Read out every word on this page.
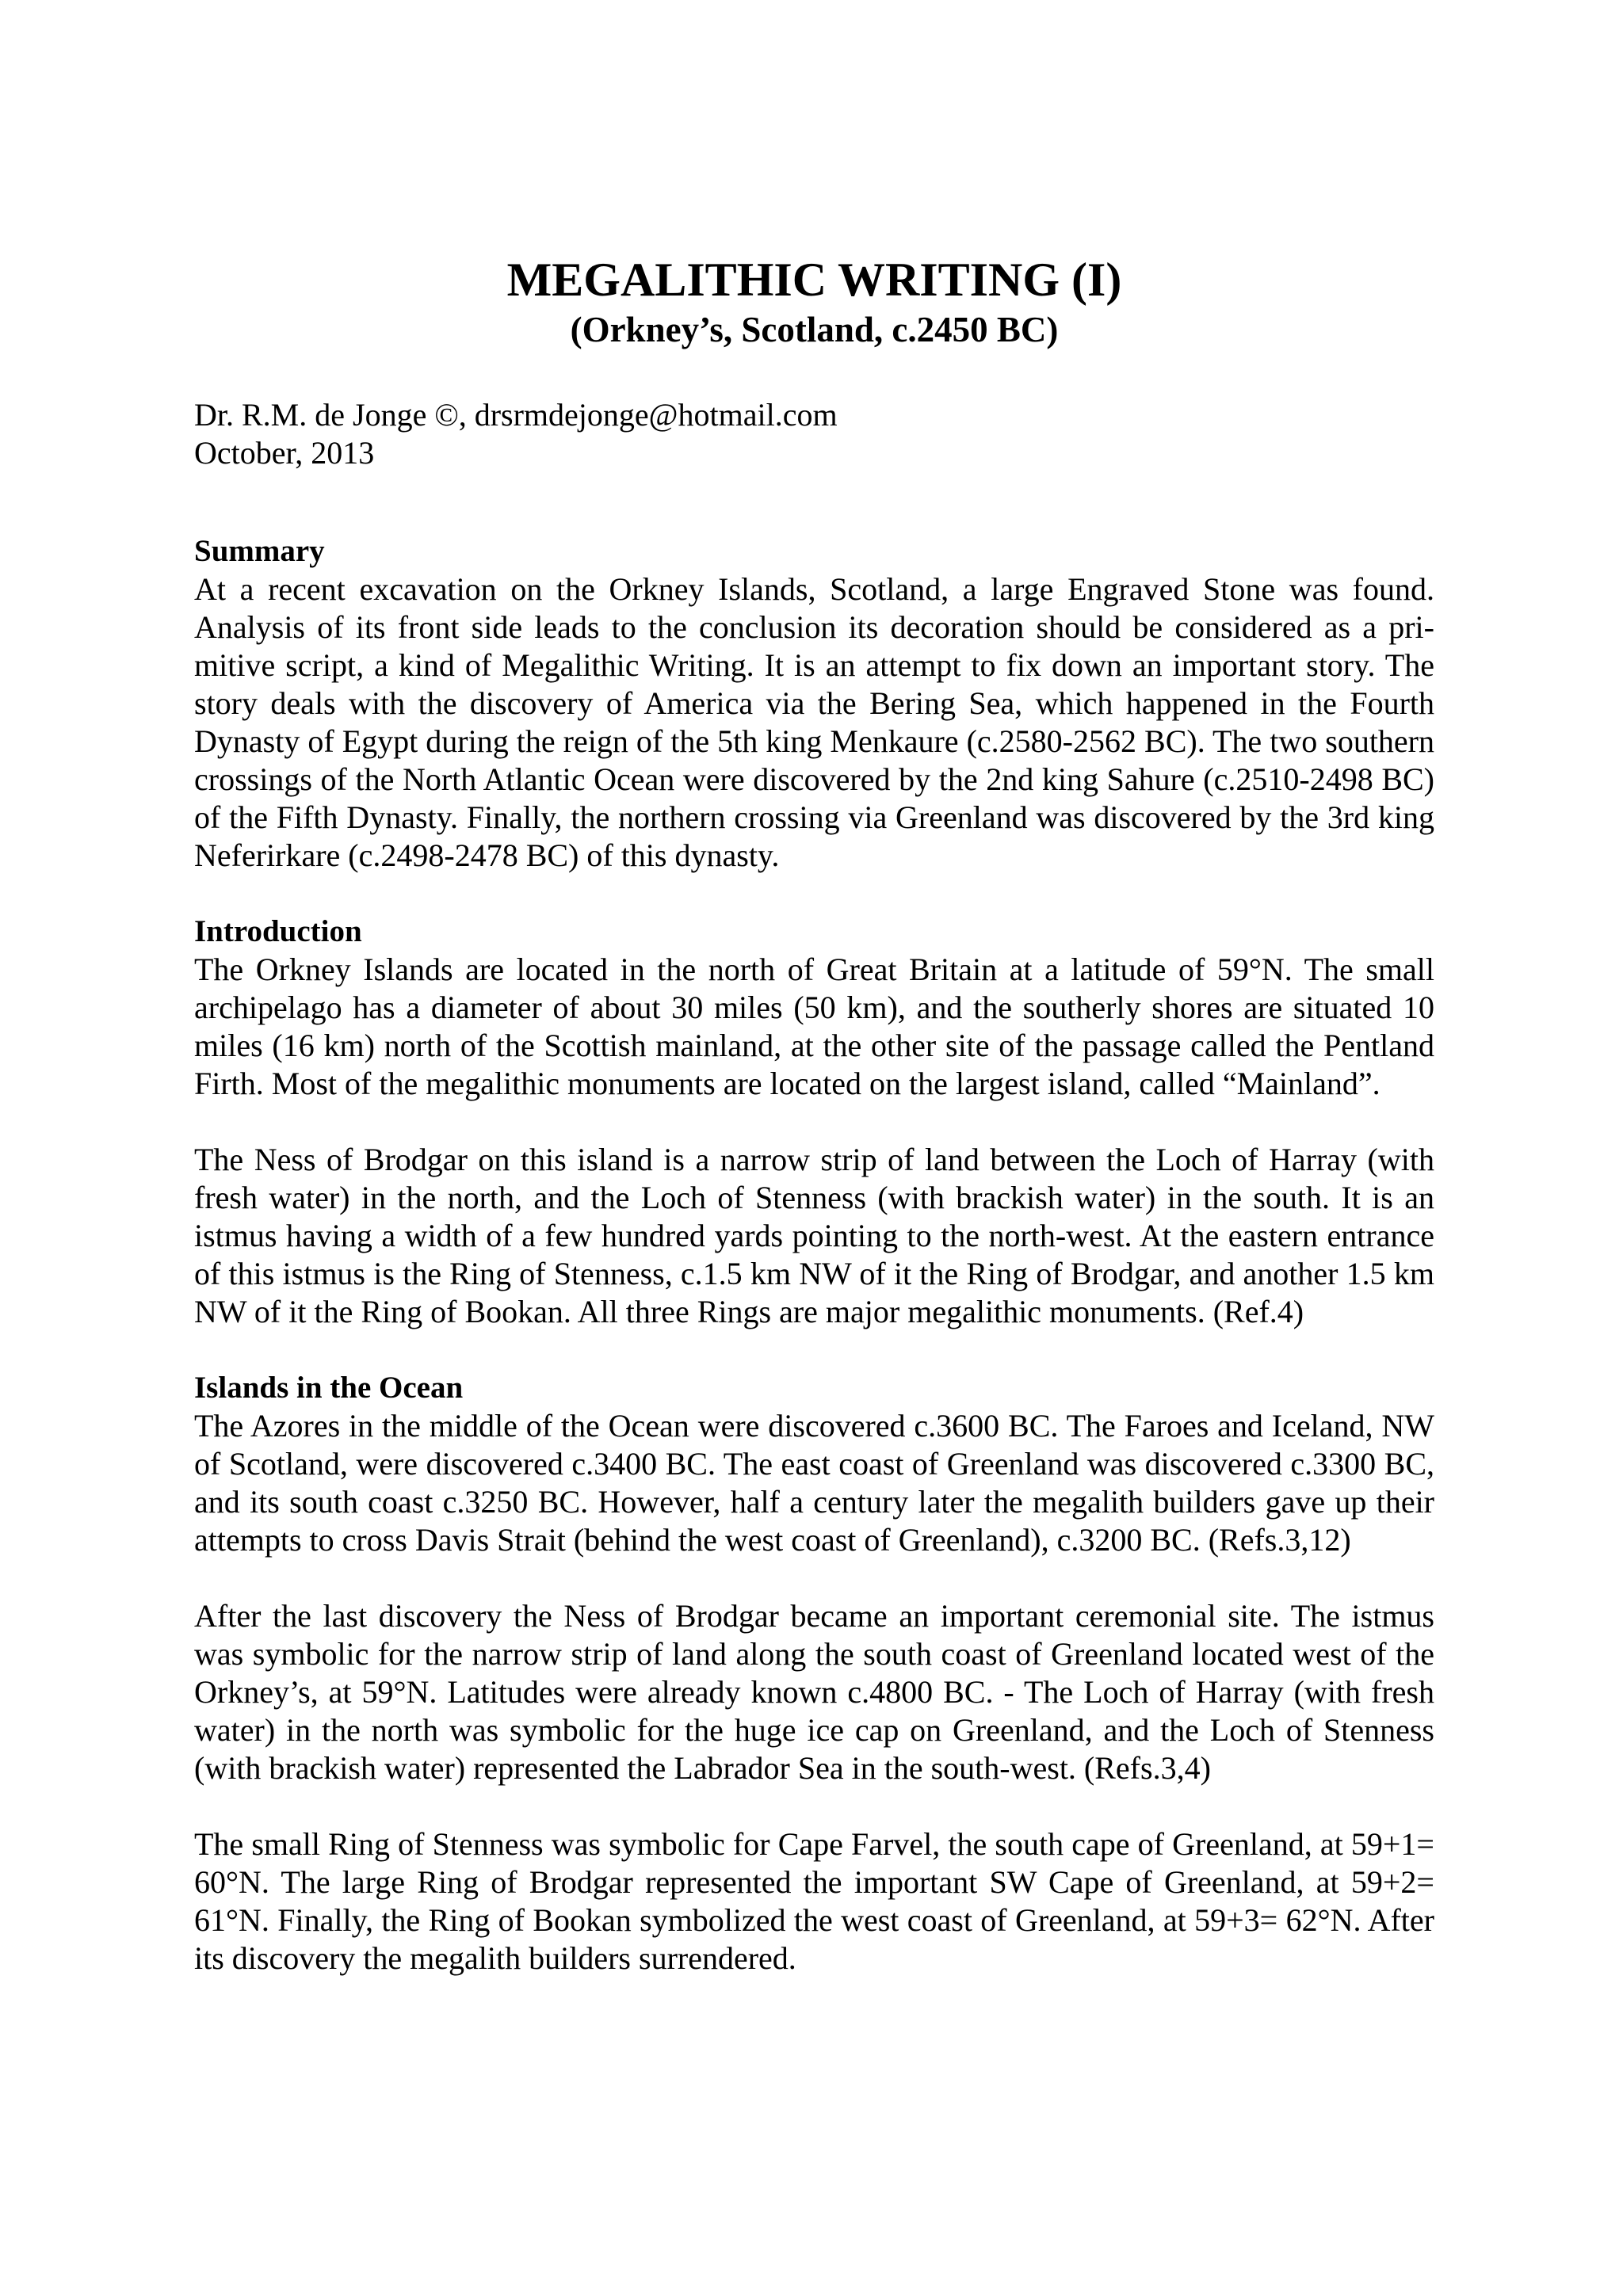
MEGALITHIC WRITING (I)
(Orkney’s, Scotland, c.2450 BC)

Dr. R.M. de Jonge ©, drsrmdejonge@hotmail.com

October, 2013

Summary

At a recent excavation on the Orkney Islands, Scotland, a large Engraved Stone was found. Analysis of its front side leads to the conclusion its decoration should be considered as a primitive script, a kind of Megalithic Writing. It is an attempt to fix down an important story. The story deals with the discovery of America via the Bering Sea, which happened in the Fourth Dynasty of Egypt during the reign of the 5th king Menkaure (c.2580-2562 BC). The two southern crossings of the North Atlantic Ocean were discovered by the 2nd king Sahure (c.2510-2498 BC) of the Fifth Dynasty. Finally, the northern crossing via Greenland was discovered by the 3rd king Neferirkare (c.2498-2478 BC) of this dynasty.

Introduction

The Orkney Islands are located in the north of Great Britain at a latitude of 59°N. The small archipelago has a diameter of about 30 miles (50 km), and the southerly shores are situated 10 miles (16 km) north of the Scottish mainland, at the other site of the passage called the Pentland Firth. Most of the megalithic monuments are located on the largest island, called “Mainland”.

The Ness of Brodgar on this island is a narrow strip of land between the Loch of Harray (with fresh water) in the north, and the Loch of Stenness (with brackish water) in the south. It is an istmus having a width of a few hundred yards pointing to the north-west. At the eastern entrance of this istmus is the Ring of Stenness, c.1.5 km NW of it the Ring of Brodgar, and another 1.5 km NW of it the Ring of Bookan. All three Rings are major megalithic monuments. (Ref.4)

Islands in the Ocean

The Azores in the middle of the Ocean were discovered c.3600 BC. The Faroes and Iceland, NW of Scotland, were discovered c.3400 BC. The east coast of Greenland was discovered c.3300 BC, and its south coast c.3250 BC. However, half a century later the megalith builders gave up their attempts to cross Davis Strait (behind the west coast of Greenland), c.3200 BC. (Refs.3,12)

After the last discovery the Ness of Brodgar became an important ceremonial site. The istmus was symbolic for the narrow strip of land along the south coast of Greenland located west of the Orkney’s, at 59°N. Latitudes were already known c.4800 BC. - The Loch of Harray (with fresh water) in the north was symbolic for the huge ice cap on Greenland, and the Loch of Stenness (with brackish water) represented the Labrador Sea in the south-west. (Refs.3,4)

The small Ring of Stenness was symbolic for Cape Farvel, the south cape of Greenland, at 59+1= 60°N. The large Ring of Brodgar represented the important SW Cape of Greenland, at 59+2= 61°N. Finally, the Ring of Bookan symbolized the west coast of Greenland, at 59+3= 62°N. After its discovery the megalith builders surrendered.
